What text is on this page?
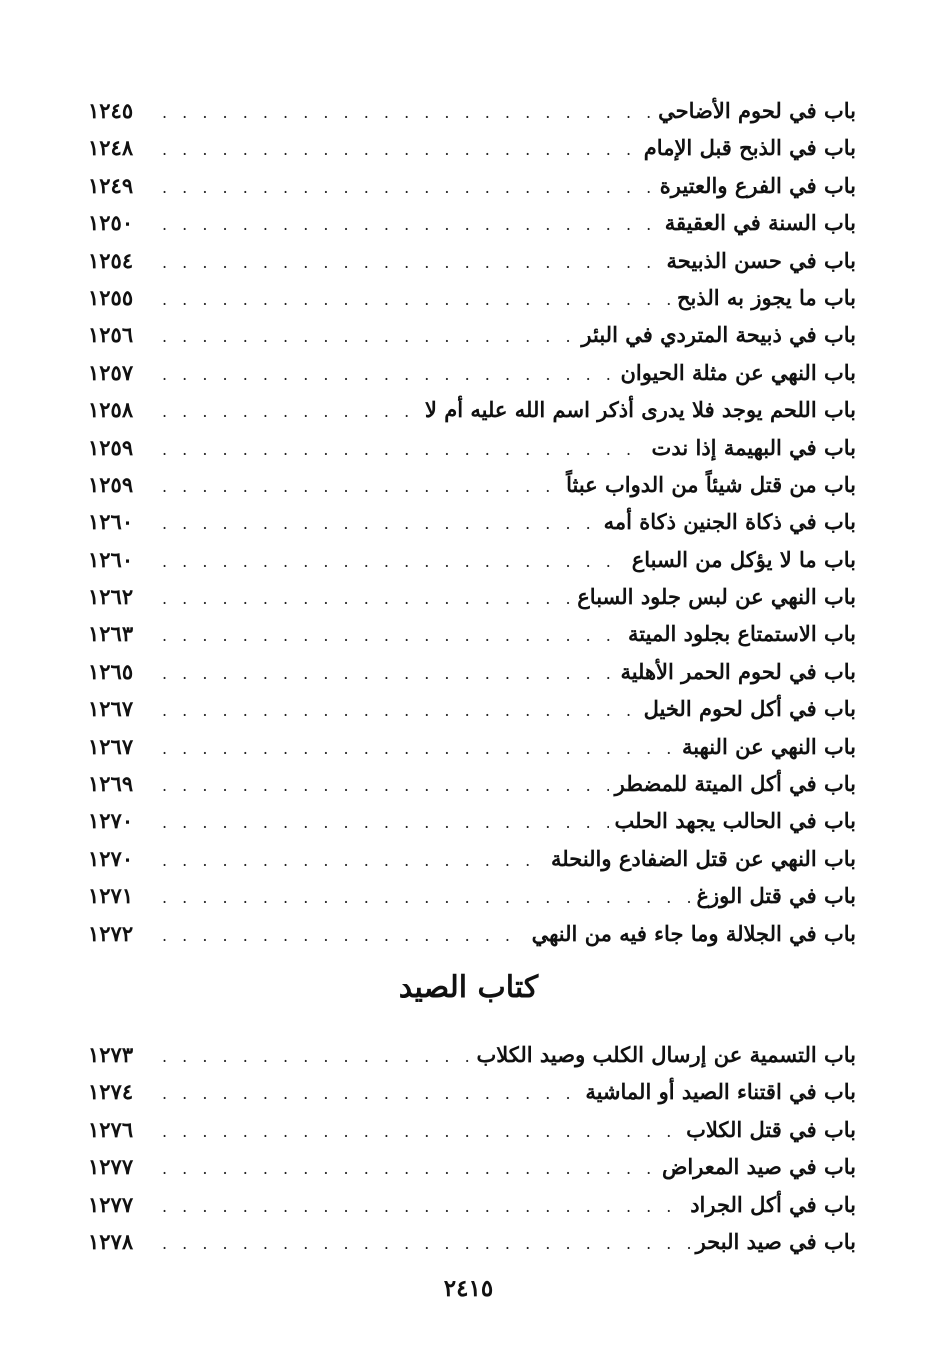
باب في لحوم الأضاحي
. . .
١٢٤٥
باب في الذبح قبل الإمام
. . .
١٢٤٨
باب في الفرع والعتيرة
. . .
١٢٤٩
باب السنة في العقيقة
. . .
١٢٥٠
باب في حسن الذبيحة
. . .
١٢٥٤
باب ما يجوز به الذبح
. . .
١٢٥٥
باب في ذبيحة المتردي في البئر
. . .
١٢٥٦
باب النهي عن مثلة الحيوان
. . .
١٢٥٧
باب اللحم يوجد فلا يدرى أذكر اسم الله عليه أم لا
. . .
١٢٥٨
باب في البهيمة إذا ندت
. . .
١٢٥٩
باب من قتل شيئاً من الدواب عبثاً
. . .
١٢٥٩
باب في ذكاة الجنين ذكاة أمه
. . .
١٢٦٠
باب ما لا يؤكل من السباع
. . .
١٢٦٠
باب النهي عن لبس جلود السباع
. . .
١٢٦٢
باب الاستمتاع بجلود الميتة
. . .
١٢٦٣
باب في لحوم الحمر الأهلية
. . .
١٢٦٥
باب في أكل لحوم الخيل
. . .
١٢٦٧
باب النهي عن النهبة
. . .
١٢٦٧
باب في أكل الميتة للمضطر
. . .
١٢٦٩
باب في الحالب يجهد الحلب
. . .
١٢٧٠
باب النهي عن قتل الضفادع والنحلة
. . .
١٢٧٠
باب في قتل الوزغ
. . .
١٢٧١
باب في الجلالة وما جاء فيه من النهي
. . .
١٢٧٢
كتاب الصيد
باب التسمية عن إرسال الكلب وصيد الكلاب
. . .
١٢٧٣
باب في اقتناء الصيد أو الماشية
. . .
١٢٧٤
باب في قتل الكلاب
. . .
١٢٧٦
باب في صيد المعراض
. . .
١٢٧٧
باب في أكل الجراد
. . .
١٢٧٧
باب في صيد البحر
. . .
١٢٧٨
٢٤١٥
